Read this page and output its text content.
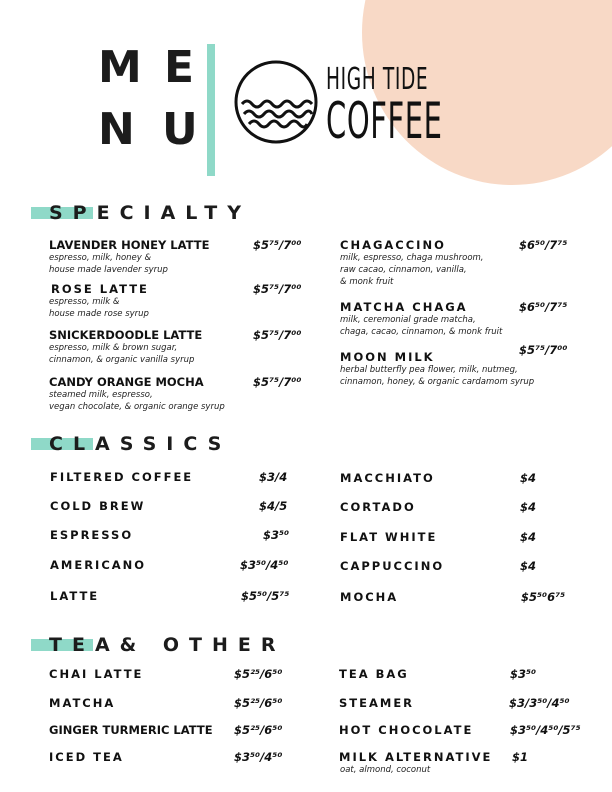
M E
N U
HIGH TIDE
COFFEE
SPECIALTY
LAVENDER HONEY LATTE
espresso, milk, honey &
house made lavender syrup
$5⁷⁵/7⁰⁰
ROSE LATTE
espresso, milk &
house made rose syrup
$5⁷⁵/7⁰⁰
SNICKERDOODLE LATTE
espresso, milk & brown sugar,
cinnamon, & organic vanilla syrup
$5⁷⁵/7⁰⁰
CANDY ORANGE MOCHA
steamed milk, espresso,
vegan chocolate, & organic orange syrup
$5⁷⁵/7⁰⁰
CHAGACCINO
milk, espresso, chaga mushroom,
raw cacao, cinnamon, vanilla,
& monk fruit
$6⁵⁰/7⁷⁵
MATCHA CHAGA
milk, ceremonial grade matcha,
chaga, cacao, cinnamon, & monk fruit
$6⁵⁰/7⁷⁵
MOON MILK
herbal butterfly pea flower, milk, nutmeg,
cinnamon, honey, & organic cardamom syrup
$5⁷⁵/7⁰⁰
CLASSICS
FILTERED COFFEE	$3/4
COLD BREW	$4/5
ESPRESSO	$3⁵⁰
AMERICANO	$3⁵⁰/4⁵⁰
LATTE	$5⁵⁰/5⁷⁵
MACCHIATO	$4
CORTADO	$4
FLAT WHITE	$4
CAPPUCCINO	$4
MOCHA	$5⁵⁰6⁷⁵
TEA& OTHER
CHAI LATTE	$5²⁵/6⁵⁰
MATCHA	$5²⁵/6⁵⁰
GINGER TURMERIC LATTE $5²⁵/6⁵⁰
ICED TEA	$3⁵⁰/4⁵⁰
TEA BAG	$3⁵⁰
STEAMER	$3/3⁵⁰/4⁵⁰
HOT CHOCOLATE	$3⁵⁰/4⁵⁰/5⁷⁵
MILK ALTERNATIVE
oat, almond, coconut
$1
